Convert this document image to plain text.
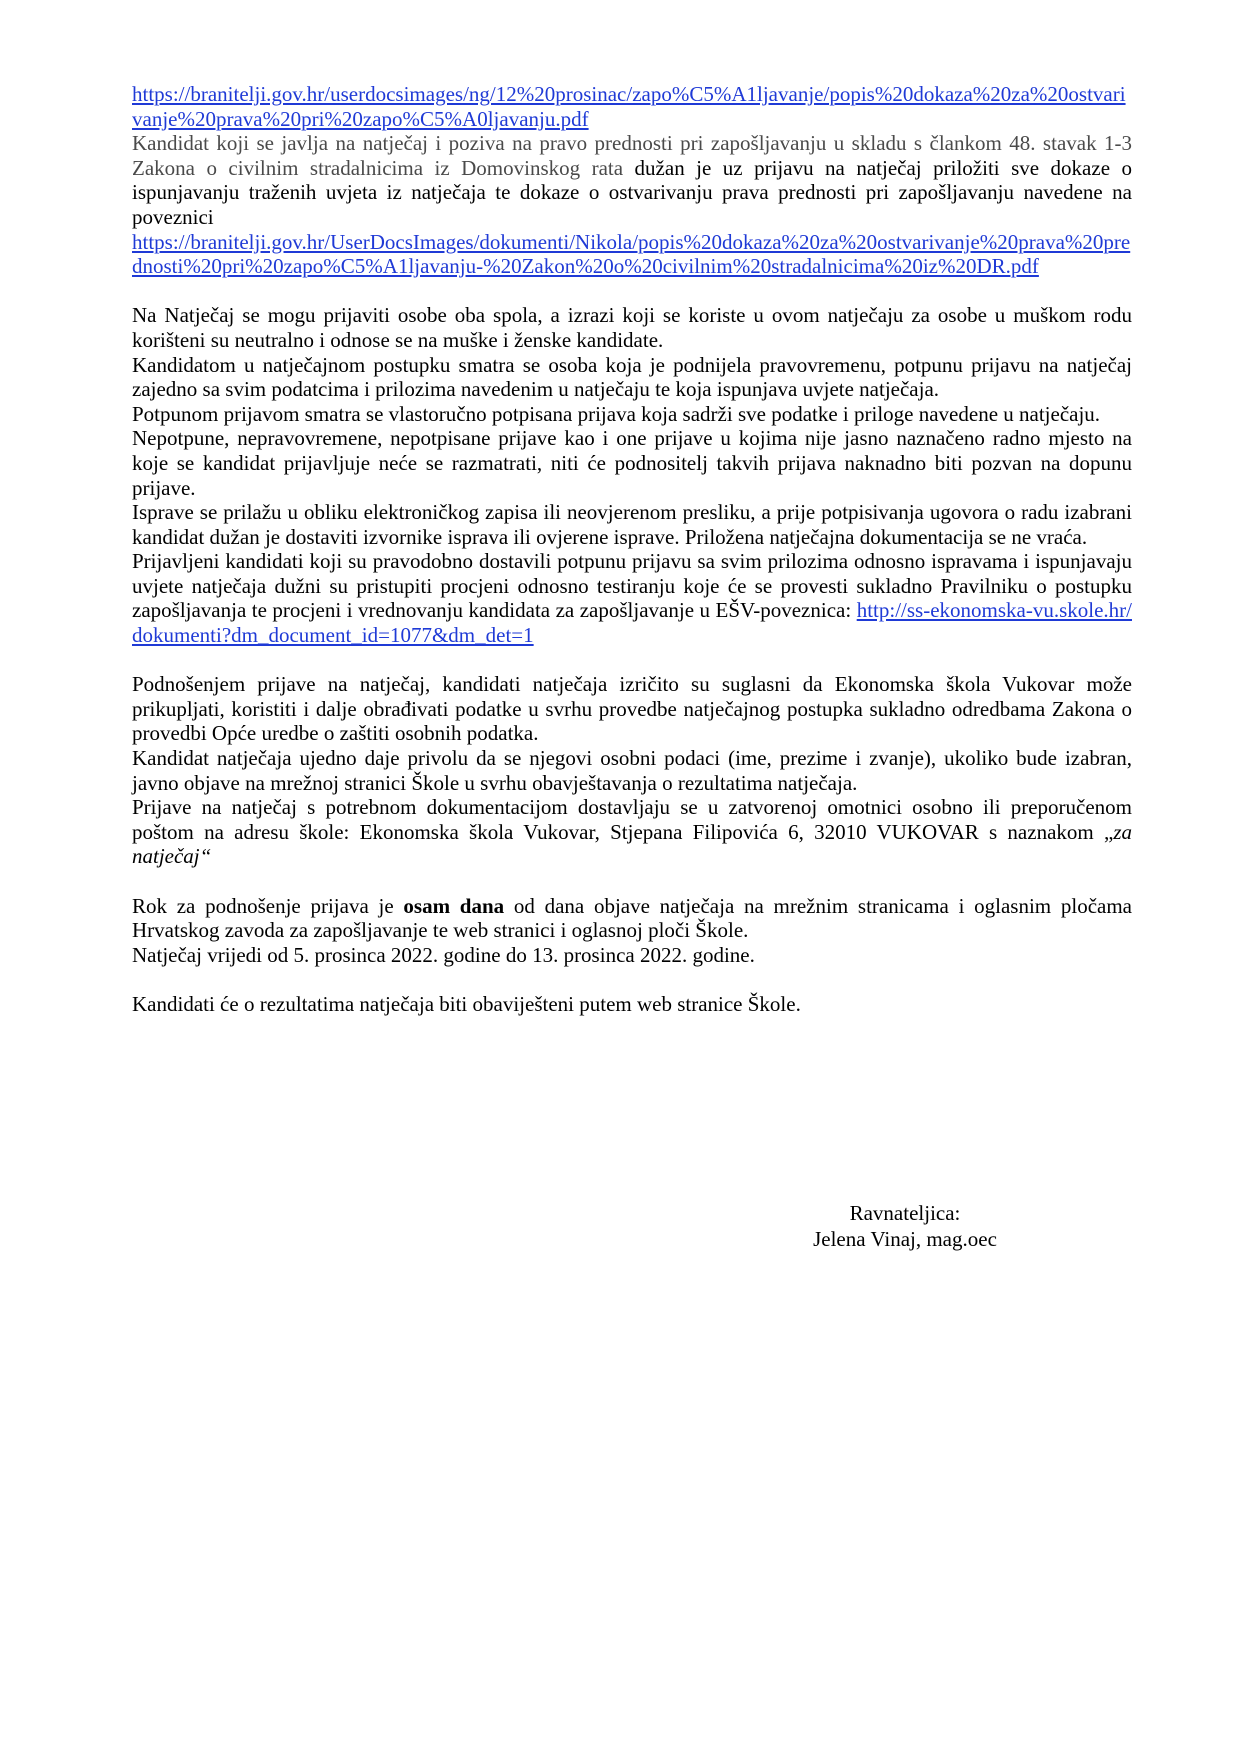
https://branitelji.gov.hr/userdocsimages/ng/12%20prosinac/zapo%C5%A1ljavanje/popis%20dokaza%20za%20ostvarivanje%20prava%20pri%20zapo%C5%A0ljavanju.pdf

Kandidat koji se javlja na natječaj i poziva na pravo prednosti pri zapošljavanju u skladu s člankom 48. stavak 1-3 Zakona o civilnim stradalnicima iz Domovinskog rata dužan je uz prijavu na natječaj priložiti sve dokaze o ispunjavanju traženih uvjeta iz natječaja te dokaze o ostvarivanju prava prednosti pri zapošljavanju navedene na poveznici

https://branitelji.gov.hr/UserDocsImages/dokumenti/Nikola/popis%20dokaza%20za%20ostvarivanje%20prava%20prednosti%20pri%20zapo%C5%A1ljavanju-%20Zakon%20o%20civilnim%20stradalnicima%20iz%20DR.pdf

Na Natječaj se mogu prijaviti osobe oba spola, a izrazi koji se koriste u ovom natječaju za osobe u muškom rodu korišteni su neutralno i odnose se na muške i ženske kandidate.

Kandidatom u natječajnom postupku smatra se osoba koja je podnijela pravovremenu, potpunu prijavu na natječaj zajedno sa svim podatcima i prilozima navedenim u natječaju te koja ispunjava uvjete natječaja.

Potpunom prijavom smatra se vlastoručno potpisana prijava koja sadrži sve podatke i priloge navedene u natječaju.

Nepotpune, nepravovremene, nepotpisane prijave kao i one prijave u kojima nije jasno naznačeno radno mjesto na koje se kandidat prijavljuje neće se razmatrati, niti će podnositelj takvih prijava naknadno biti pozvan na dopunu prijave.

Isprave se prilažu u obliku elektroničkog zapisa ili neovjerenom presliku, a prije potpisivanja ugovora o radu izabrani kandidat dužan je dostaviti izvornike isprava ili ovjerene isprave. Priložena natječajna dokumentacija se ne vraća.

Prijavljeni kandidati koji su pravodobno dostavili potpunu prijavu sa svim prilozima odnosno ispravama i ispunjavaju uvjete natječaja dužni su pristupiti procjeni odnosno testiranju koje će se provesti sukladno Pravilniku o postupku zapošljavanja te procjeni i vrednovanju kandidata za zapošljavanje u EŠV-poveznica: http://ss-ekonomska-vu.skole.hr/dokumenti?dm_document_id=1077&dm_det=1

Podnošenjem prijave na natječaj, kandidati natječaja izričito su suglasni da Ekonomska škola Vukovar može prikupljati, koristiti i dalje obrađivati podatke u svrhu provedbe natječajnog postupka sukladno odredbama Zakona o provedbi Opće uredbe o zaštiti osobnih podatka.

Kandidat natječaja ujedno daje privolu da se njegovi osobni podaci (ime, prezime i zvanje), ukoliko bude izabran, javno objave na mrežnoj stranici Škole u svrhu obavještavanja o rezultatima natječaja.

Prijave na natječaj s potrebnom dokumentacijom dostavljaju se u zatvorenoj omotnici osobno ili preporučenom poštom na adresu škole: Ekonomska škola Vukovar, Stjepana Filipovića 6, 32010 VUKOVAR s naznakom „za natječaj“

Rok za podnošenje prijava je osam dana od dana objave natječaja na mrežnim stranicama i oglasnim pločama Hrvatskog zavoda za zapošljavanje te web stranici i oglasnoj ploči Škole.

Natječaj vrijedi od 5. prosinca 2022. godine do 13. prosinca 2022. godine.

Kandidati će o rezultatima natječaja biti obaviješteni putem web stranice Škole.

Ravnateljica:
Jelena Vinaj, mag.oec
